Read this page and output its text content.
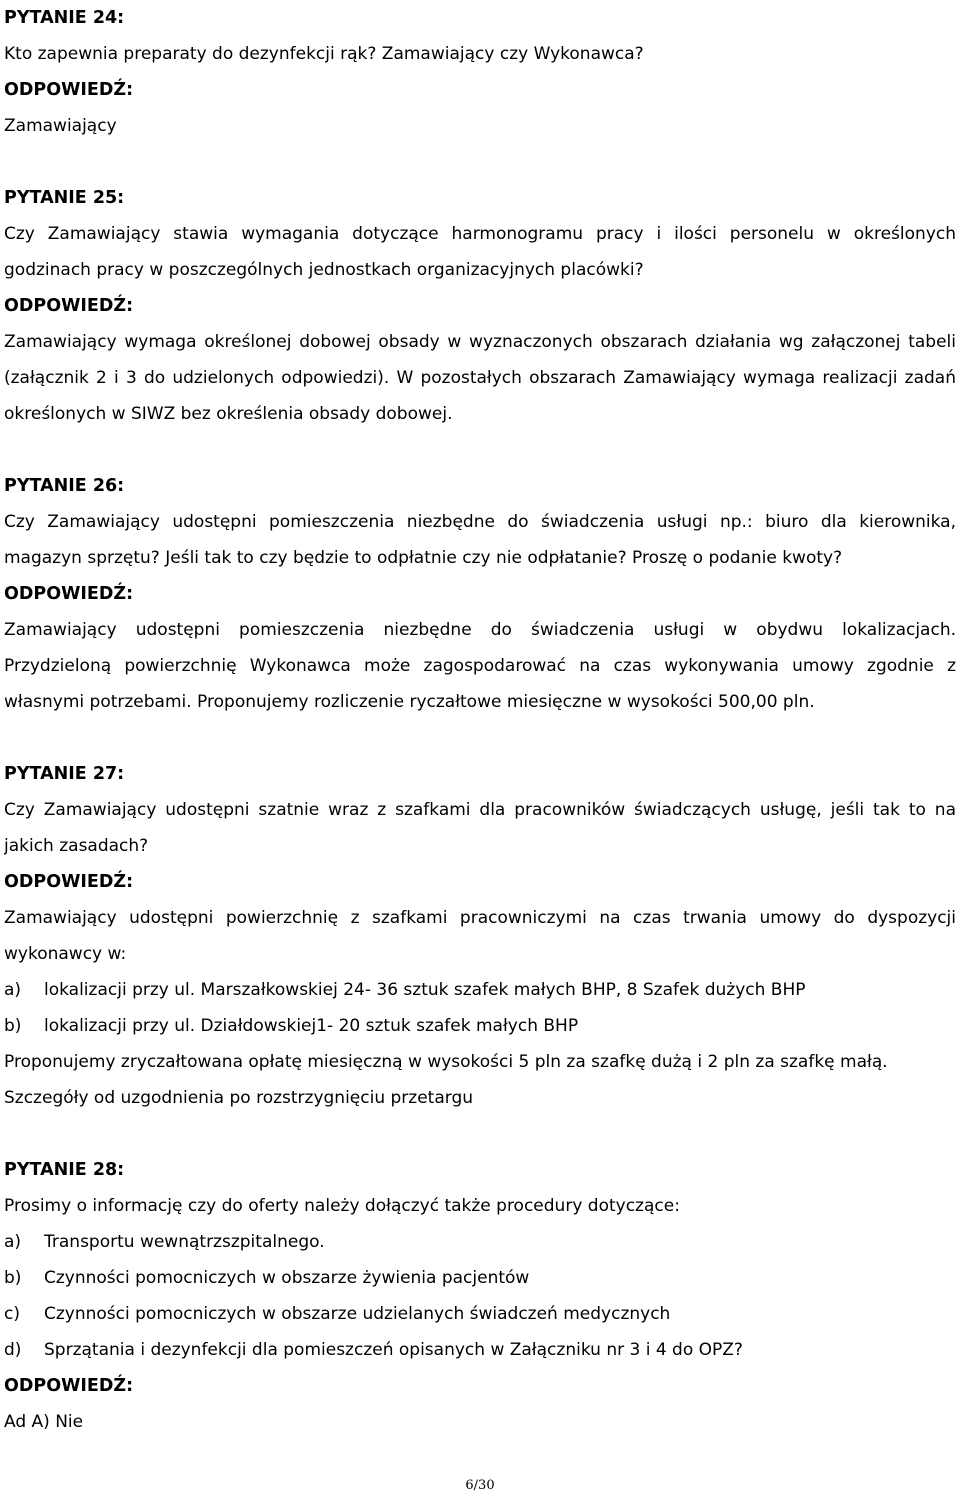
PYTANIE 24:
Kto zapewnia preparaty do dezynfekcji rąk? Zamawiający czy Wykonawca?
ODPOWIEDŹ:
Zamawiający
PYTANIE 25:
Czy Zamawiający stawia wymagania dotyczące harmonogramu pracy i ilości personelu w określonych
godzinach pracy w poszczególnych jednostkach organizacyjnych placówki?
ODPOWIEDŹ:
Zamawiający wymaga określonej dobowej obsady w wyznaczonych obszarach działania wg załączonej tabeli
(załącznik 2 i 3 do udzielonych odpowiedzi). W pozostałych obszarach Zamawiający wymaga realizacji zadań
określonych w SIWZ bez określenia obsady dobowej.
PYTANIE 26:
Czy Zamawiający udostępni pomieszczenia niezbędne do świadczenia usługi np.: biuro dla kierownika,
magazyn sprzętu? Jeśli tak to czy będzie to odpłatnie czy nie odpłatanie? Proszę o podanie kwoty?
ODPOWIEDŹ:
Zamawiający udostępni pomieszczenia niezbędne do świadczenia usługi w obydwu lokalizacjach.
Przydzieloną powierzchnię Wykonawca może zagospodarować na czas wykonywania umowy zgodnie z
własnymi potrzebami. Proponujemy rozliczenie ryczałtowe miesięczne w wysokości 500,00 pln.
PYTANIE 27:
Czy Zamawiający udostępni szatnie wraz z szafkami dla pracowników świadczących usługę, jeśli tak to na
jakich zasadach?
ODPOWIEDŹ:
Zamawiający udostępni powierzchnię z szafkami pracowniczymi na czas trwania umowy do dyspozycji
wykonawcy w:
a)	lokalizacji przy ul. Marszałkowskiej 24- 36 sztuk szafek małych BHP, 8 Szafek dużych BHP
b)	lokalizacji przy ul. Działdowskiej1- 20 sztuk szafek małych BHP
Proponujemy zryczałtowana opłatę miesięczną w wysokości 5 pln za szafkę dużą i 2 pln za szafkę małą.
Szczegóły od uzgodnienia po rozstrzygnięciu przetargu
PYTANIE 28:
Prosimy o informację czy do oferty należy dołączyć także procedury dotyczące:
a)	Transportu wewnątrzszpitalnego.
b)	Czynności pomocniczych w obszarze żywienia pacjentów
c)	Czynności pomocniczych w obszarze udzielanych świadczeń medycznych
d)	Sprzątania i dezynfekcji dla pomieszczeń opisanych w Załączniku nr 3 i 4 do OPZ?
ODPOWIEDŹ:
Ad A) Nie
6/30
